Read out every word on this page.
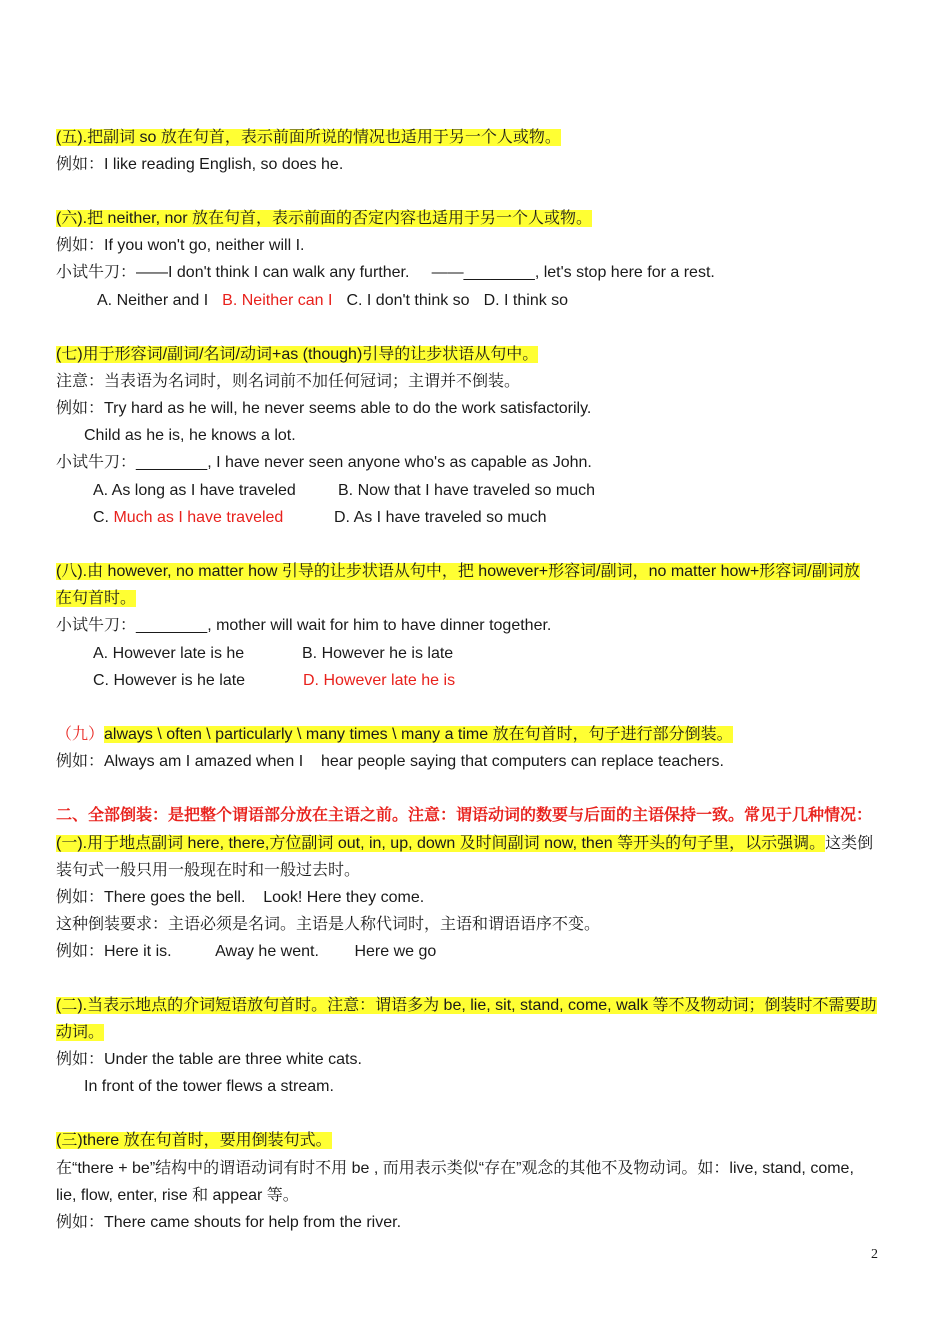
(五).把副词 so 放在句首，表示前面所说的情况也适用于另一个人或物。
例如：I like reading English, so does he.
(六).把 neither, nor 放在句首，表示前面的否定内容也适用于另一个人或物。
例如：If you won't go, neither will I.
小试牛刀：——I don't think I can walk any further.     ——________, let's stop here for a rest.
A. Neither and I B. Neither can I C. I don't think so D. I think so
(七)用于形容词/副词/名词/动词+as (though)引导的让步状语从句中。
注意：当表语为名词时，则名词前不加任何冠词；主谓并不倒装。
例如：Try hard as he will, he never seems able to do the work satisfactorily.
Child as he is, he knows a lot.
小试牛刀：________, I have never seen anyone who's as capable as John.
A. As long as I have traveled	B. Now that I have traveled so much
C. Much as I have traveled	D. As I have traveled so much
(八).由 however, no matter how 引导的让步状语从句中，把 however+形容词/副词，no matter how+形容词/副词放
在句首时。
小试牛刀：________, mother will wait for him to have dinner together.
A. However late is he	B. However he is late
C. However is he late	D. However late he is
（九）always \ often \ particularly \ many times \ many a time 放在句首时，句子进行部分倒装。
例如：Always am I amazed when I    hear people saying that computers can replace teachers.
二、全部倒装：是把整个谓语部分放在主语之前。注意：谓语动词的数要与后面的主语保持一致。常见于几种情况：
(一).用于地点副词 here, there,方位副词 out, in, up, down 及时间副词 now, then 等开头的句子里，以示强调。这类倒
装句式一般只用一般现在时和一般过去时。
例如：There goes the bell.    Look! Here they come.
这种倒装要求：主语必须是名词。主语是人称代词时，主语和谓语语序不变。
例如：Here it is.          Away he went.        Here we go
(二).当表示地点的介词短语放句首时。注意：谓语多为 be, lie, sit, stand, come, walk 等不及物动词；倒装时不需要助
动词。
例如：Under the table are three white cats.
In front of the tower flews a stream.
(三)there 放在句首时，要用倒装句式。
在“there + be”结构中的谓语动词有时不用 be , 而用表示类似“存在”观念的其他不及物动词。如：live, stand, come,
lie, flow, enter, rise 和 appear 等。
例如：There came shouts for help from the river.
2
